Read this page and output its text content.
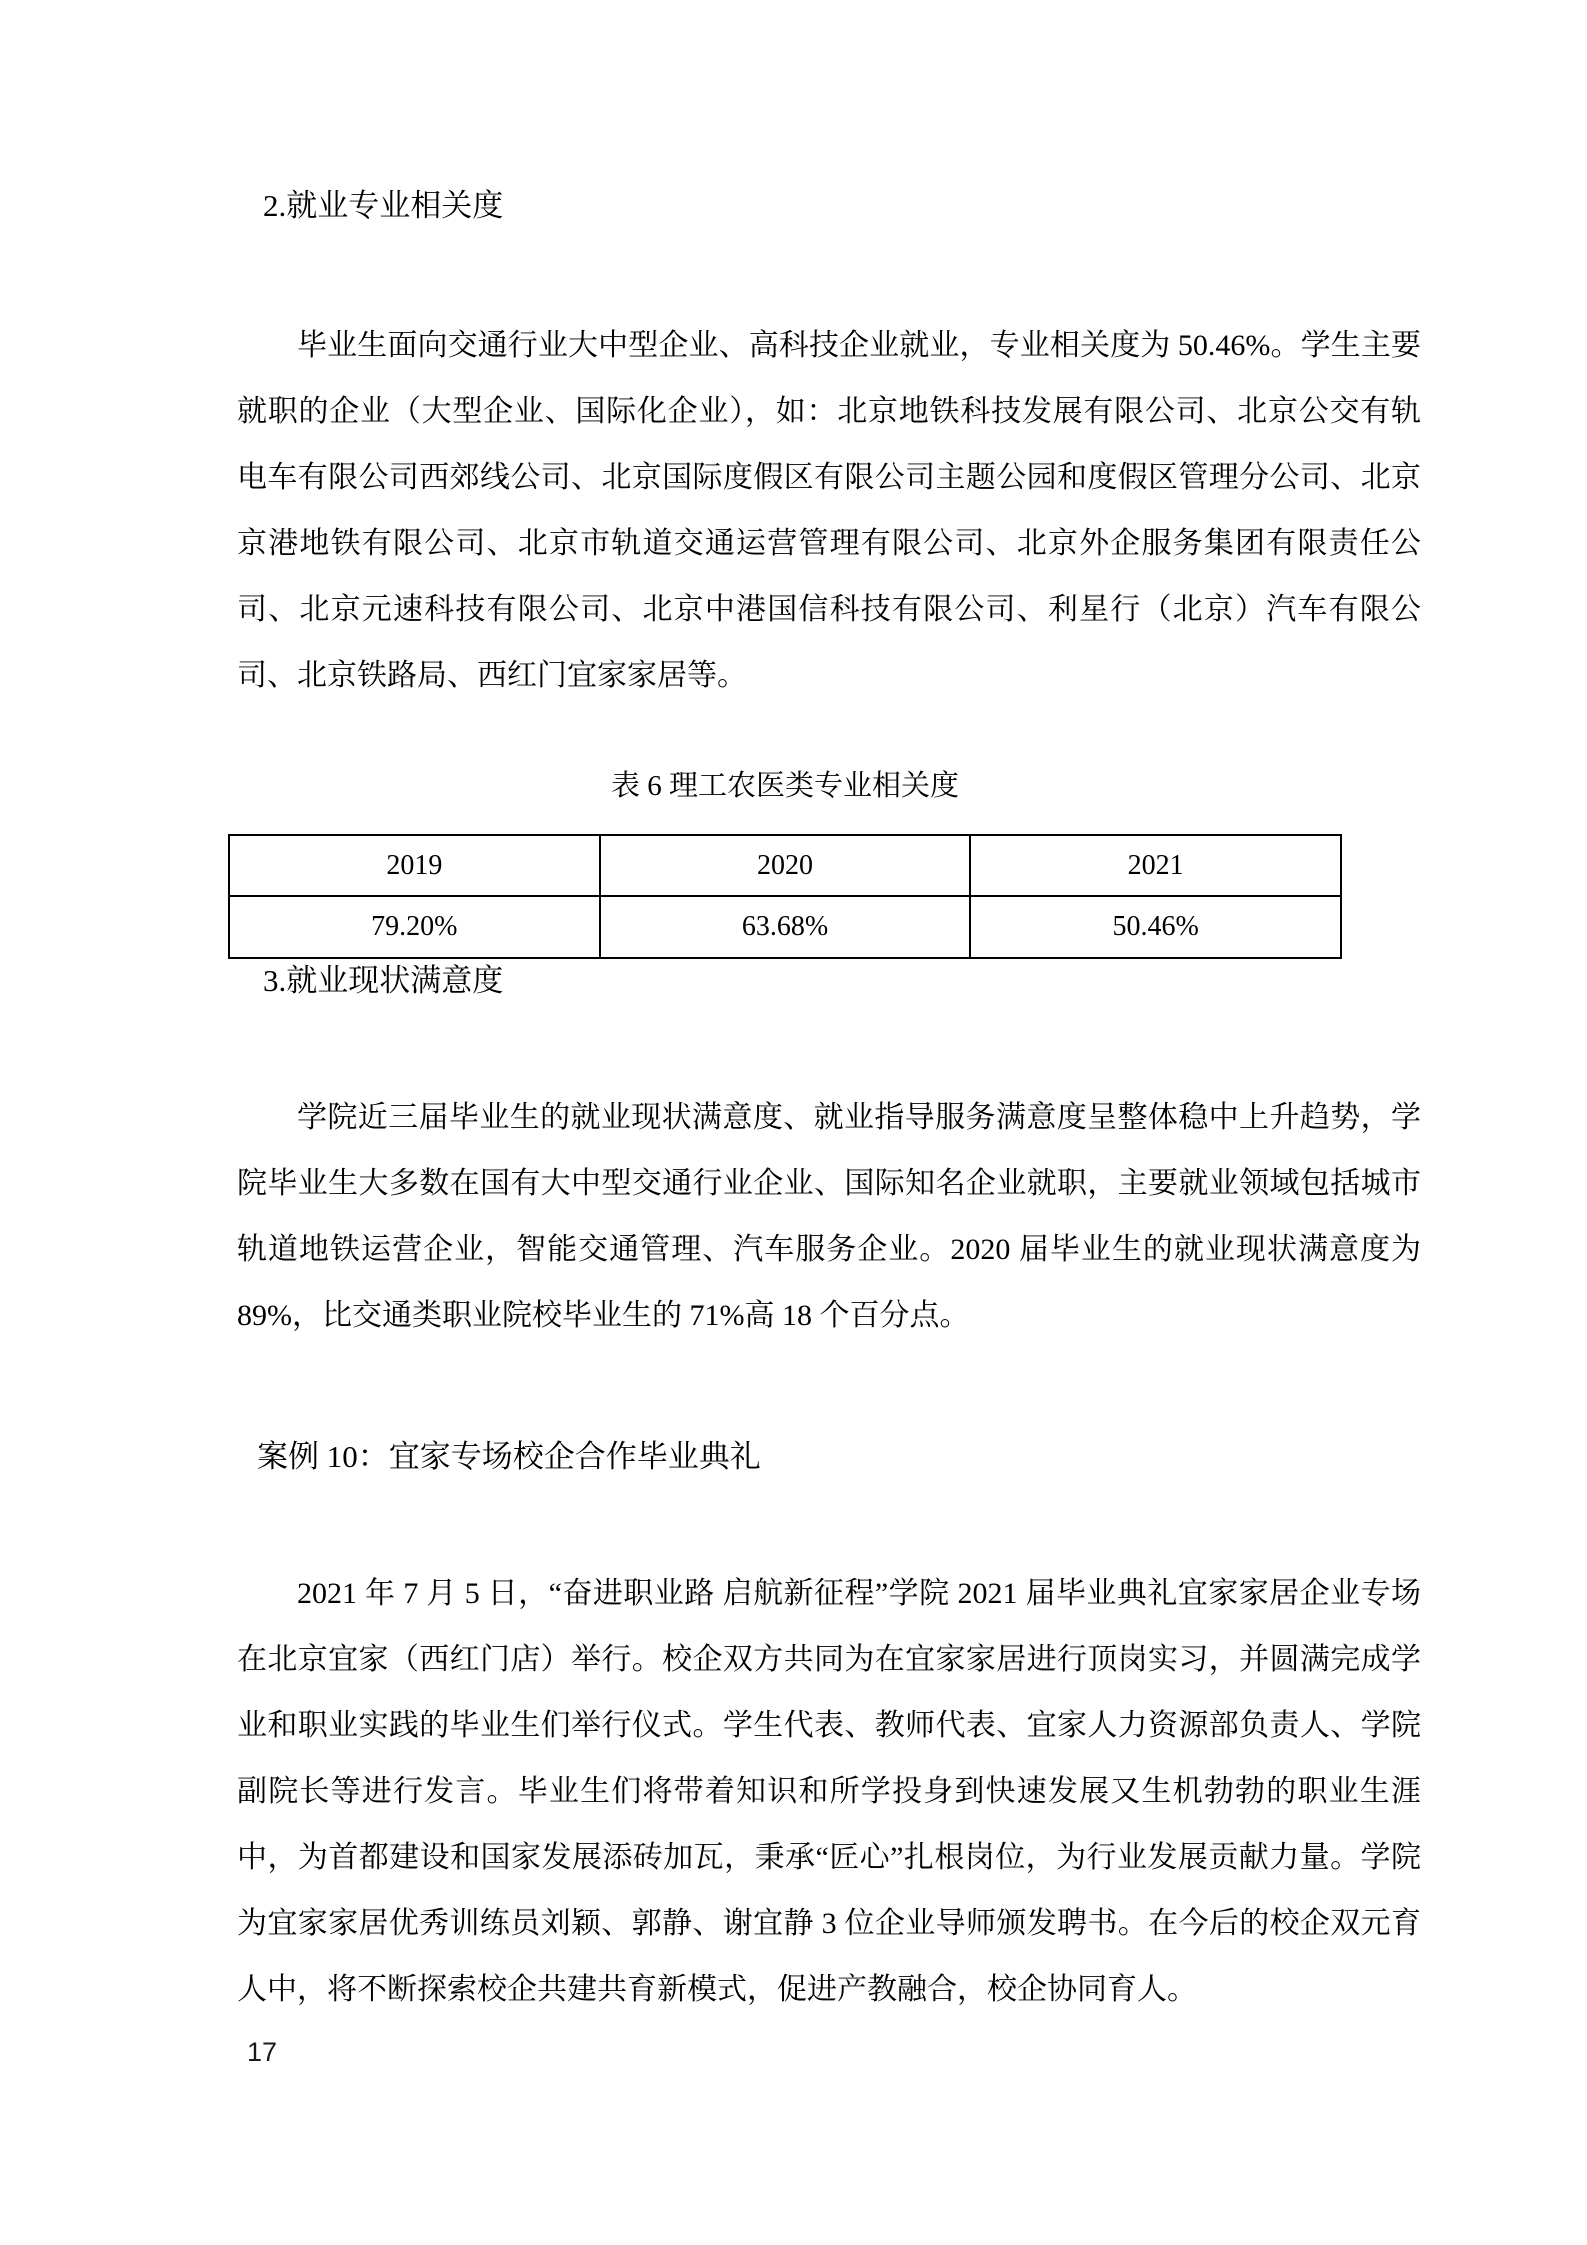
2.就业专业相关度

毕业生面向交通行业大中型企业、高科技企业就业，专业相关度为 50.46%。学生主要就职的企业（大型企业、国际化企业），如：北京地铁科技发展有限公司、北京公交有轨电车有限公司西郊线公司、北京国际度假区有限公司主题公园和度假区管理分公司、北京京港地铁有限公司、北京市轨道交通运营管理有限公司、北京外企服务集团有限责任公司、北京元速科技有限公司、北京中港国信科技有限公司、利星行（北京）汽车有限公司、北京铁路局、西红门宜家家居等。

表 6 理工农医类专业相关度
2019	2020	2021
79.20%	63.68%	50.46%
3.就业现状满意度

学院近三届毕业生的就业现状满意度、就业指导服务满意度呈整体稳中上升趋势，学院毕业生大多数在国有大中型交通行业企业、国际知名企业就职，主要就业领域包括城市轨道地铁运营企业，智能交通管理、汽车服务企业。2020 届毕业生的就业现状满意度为 89%，比交通类职业院校毕业生的 71%高 18 个百分点。

案例 10：宜家专场校企合作毕业典礼

2021 年 7 月 5 日，“奋进职业路 启航新征程”学院 2021 届毕业典礼宜家家居企业专场在北京宜家（西红门店）举行。校企双方共同为在宜家家居进行顶岗实习，并圆满完成学业和职业实践的毕业生们举行仪式。学生代表、教师代表、宜家人力资源部负责人、学院副院长等进行发言。毕业生们将带着知识和所学投身到快速发展又生机勃勃的职业生涯中，为首都建设和国家发展添砖加瓦，秉承“匠心”扎根岗位，为行业发展贡献力量。学院为宜家家居优秀训练员刘颖、郭静、谢宜静 3 位企业导师颁发聘书。在今后的校企双元育人中，将不断探索校企共建共育新模式，促进产教融合，校企协同育人。

17
